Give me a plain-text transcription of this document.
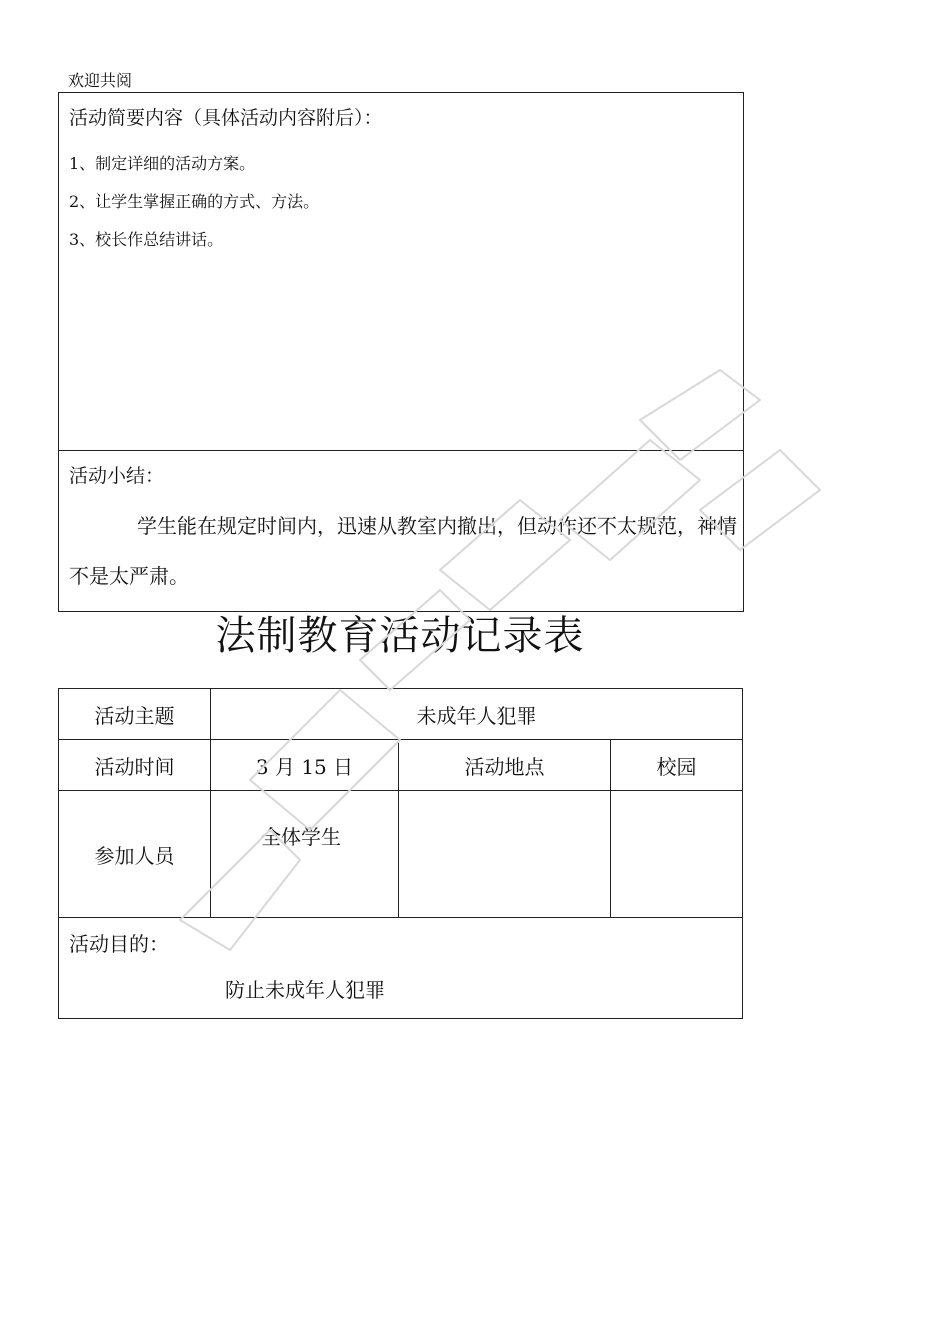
欢迎共阅
活动简要内容（具体活动内容附后）：
1、制定详细的活动方案。
2、让学生掌握正确的方式、方法。
3、校长作总结讲话。
活动小结：
学生能在规定时间内，迅速从教室内撤出，但动作还不太规范，神情不是太严肃。
法制教育活动记录表
活动主题	未成年人犯罪		
活动时间	3 月 15 日	活动地点	校园
参加人员	全体学生		

活动目的：
防止未成年人犯罪			
